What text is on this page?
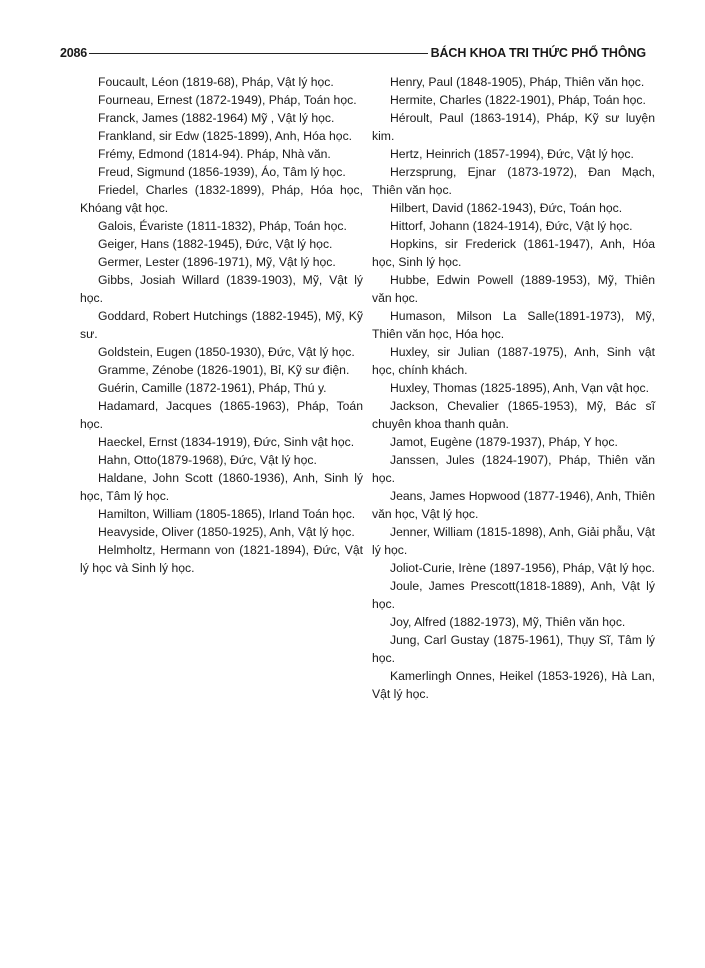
2086	BÁCH KHOA TRI THỨC PHỔ THÔNG

Foucault, Léon (1819-68), Pháp, Vật lý học.

Fourneau, Ernest (1872-1949), Pháp, Toán học.

Franck, James (1882-1964) Mỹ , Vật lý học.

Frankland, sir Edw (1825-1899), Anh, Hóa học.

Frémy, Edmond (1814-94). Pháp, Nhà văn.

Freud, Sigmund (1856-1939), Áo, Tâm lý học.

Friedel, Charles (1832-1899), Pháp, Hóa học, Khóang vật học.

Galois, Évariste (1811-1832), Pháp, Toán học.

Geiger, Hans (1882-1945), Đức, Vật lý học.

Germer, Lester (1896-1971), Mỹ, Vật lý học.

Gibbs, Josiah Willard (1839-1903), Mỹ, Vật lý học.

Goddard, Robert Hutchings (1882-1945), Mỹ, Kỹ sư.

Goldstein, Eugen (1850-1930), Đức, Vật lý học.

Gramme, Zénobe (1826-1901), Bỉ, Kỹ sư điện.

Guérin, Camille (1872-1961), Pháp, Thú y.

Hadamard, Jacques (1865-1963), Pháp, Toán học.

Haeckel, Ernst (1834-1919), Đức, Sinh vật học.

Hahn, Otto(1879-1968), Đức, Vật lý học.

Haldane, John Scott (1860-1936), Anh, Sinh lý học, Tâm lý học.

Hamilton, William (1805-1865), Irland Toán học.

Heavyside, Oliver (1850-1925), Anh, Vật lý học.

Helmholtz, Hermann von (1821-1894), Đức, Vật lý học và Sinh lý học.

Henry, Paul (1848-1905), Pháp, Thiên văn học.

Hermite, Charles (1822-1901), Pháp, Toán học.

Héroult, Paul (1863-1914), Pháp, Kỹ sư luyện kim.

Hertz, Heinrich (1857-1994), Đức, Vật lý học.

Herzsprung, Ejnar (1873-1972), Đan Mạch, Thiên văn học.

Hilbert, David (1862-1943), Đức, Toán học.

Hittorf, Johann (1824-1914), Đức, Vật lý học.

Hopkins, sir Frederick (1861-1947), Anh, Hóa học, Sinh lý học.

Hubbe, Edwin Powell (1889-1953), Mỹ, Thiên văn học.

Humason, Milson La Salle(1891-1973), Mỹ, Thiên văn học, Hóa học.

Huxley, sir Julian (1887-1975), Anh, Sinh vật học, chính khách.

Huxley, Thomas (1825-1895), Anh, Vạn vật học.

Jackson, Chevalier (1865-1953), Mỹ, Bác sĩ chuyên khoa thanh quản.

Jamot, Eugène (1879-1937), Pháp, Y học.

Janssen, Jules (1824-1907), Pháp, Thiên văn học.

Jeans, James Hopwood (1877-1946), Anh, Thiên văn học, Vật lý học.

Jenner, William (1815-1898), Anh, Giải phẫu, Vật lý học.

Joliot-Curie, Irène (1897-1956), Pháp, Vật lý học.

Joule, James Prescott(1818-1889), Anh, Vật lý học.

Joy, Alfred (1882-1973), Mỹ, Thiên văn học.

Jung, Carl Gustay (1875-1961), Thụy Sĩ, Tâm lý học.

Kamerlingh Onnes, Heikel (1853-1926), Hà Lan, Vật lý học.
